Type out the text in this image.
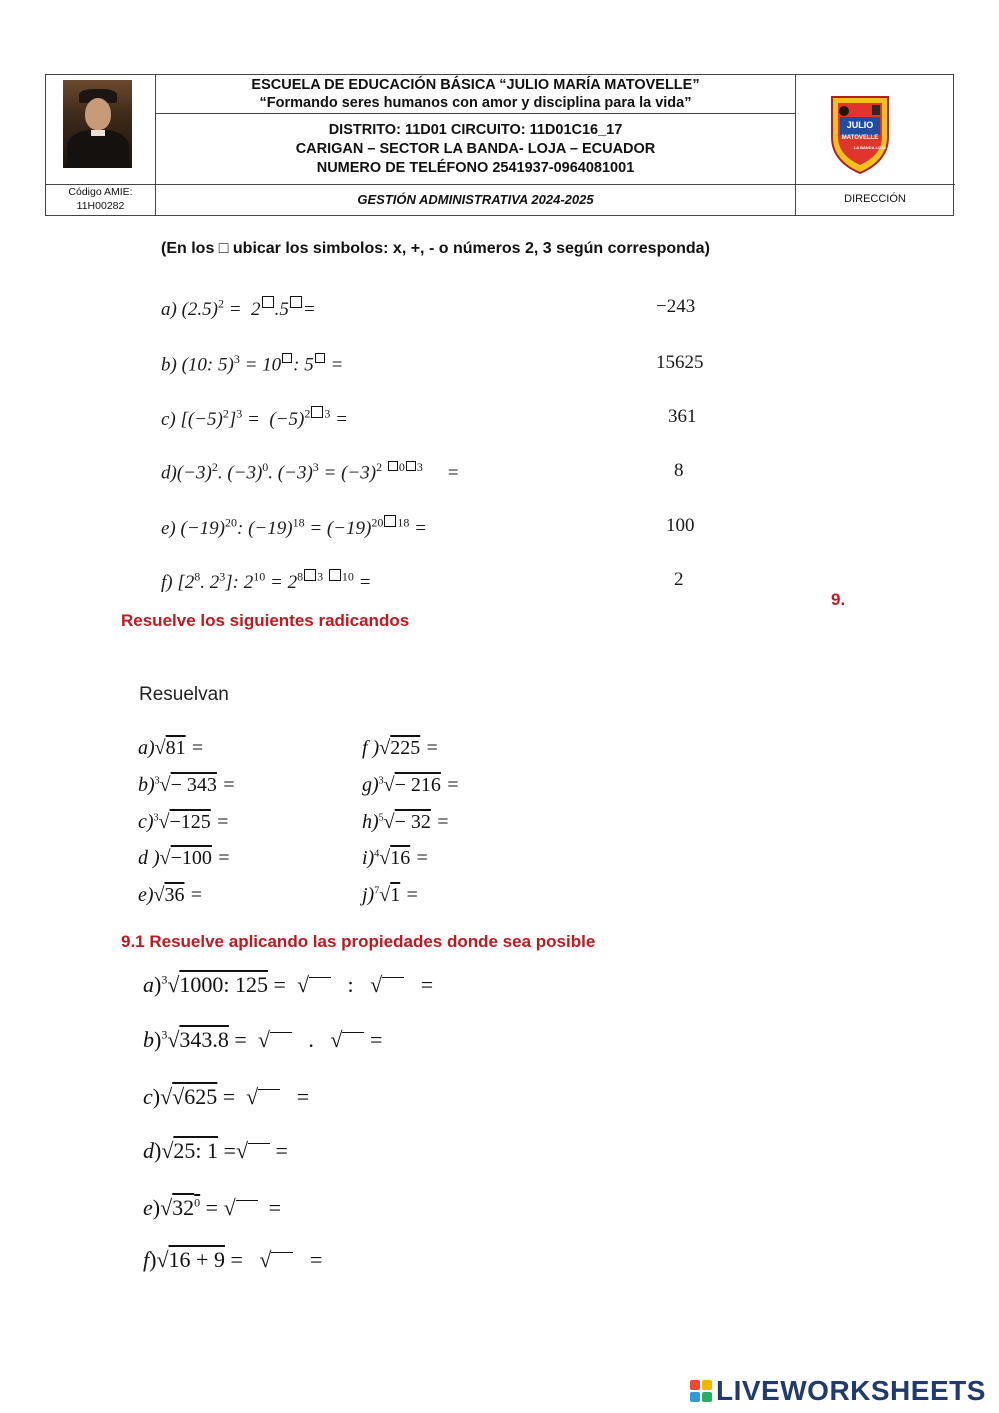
ESCUELA DE EDUCACIÓN BÁSICA “JULIO MARÍA MATOVELLE”
“Formando seres humanos con amor y disciplina para la vida”
DISTRITO: 11D01 CIRCUITO: 11D01C16_17
CARIGAN – SECTOR LA BANDA- LOJA – ECUADOR
NUMERO DE TELÉFONO 2541937-0964081001
Código AMIE:
11H00282	GESTIÓN ADMINISTRATIVA 2024-2025	DIRECCIÓN
JULIO
MATOVELLE
LA BANDA LOJA
(En los □ ubicar los simbolos: x, +, - o números 2, 3 según corresponda)
a) $(2.5)^2 = 2$ .5 =	−243
b) (10: 5)$^3$ = 10 : 5 =	15625
c) $[(-5)^2]^3 = (-5)^2$ $^3$ =	361
$d)(-3)^2$. $(-3)^0$. $(-3)^3 = (-3)^2$ $^0$ $^3$     =	8
e) $(-19)^{20}$: $(-19)^{18} = (-19)^{20}$ $^{18}$ =	100
f) [$2^8$. $2^3$]: $2^{10} = 2^8$ $^3$ $^{10}$ =	2
9.
Resuelve los siguientes radicandos
Resuelvan
a)√81 =
b)$^3$√− 343 =
c)$^3$√−125 =
d )√−100 =
e)√36 =
f )√225 =
g)$^3$√− 216 =
h)$^5$√− 32 =
i)$^4$√16 =
j)$^7$√1 =
9.1 Resuelve aplicando las propiedades donde sea posible
a)$^3$√1000: 125 =  √   :   √   =
b)$^3$√343.8 =  √   .   √ =
c)√√625 =  √   =
d)√25: 1 =√ =
$e)√32^0$ = √  =
f)√16 + 9 =   √   =
LIVEWORKSHEETS
